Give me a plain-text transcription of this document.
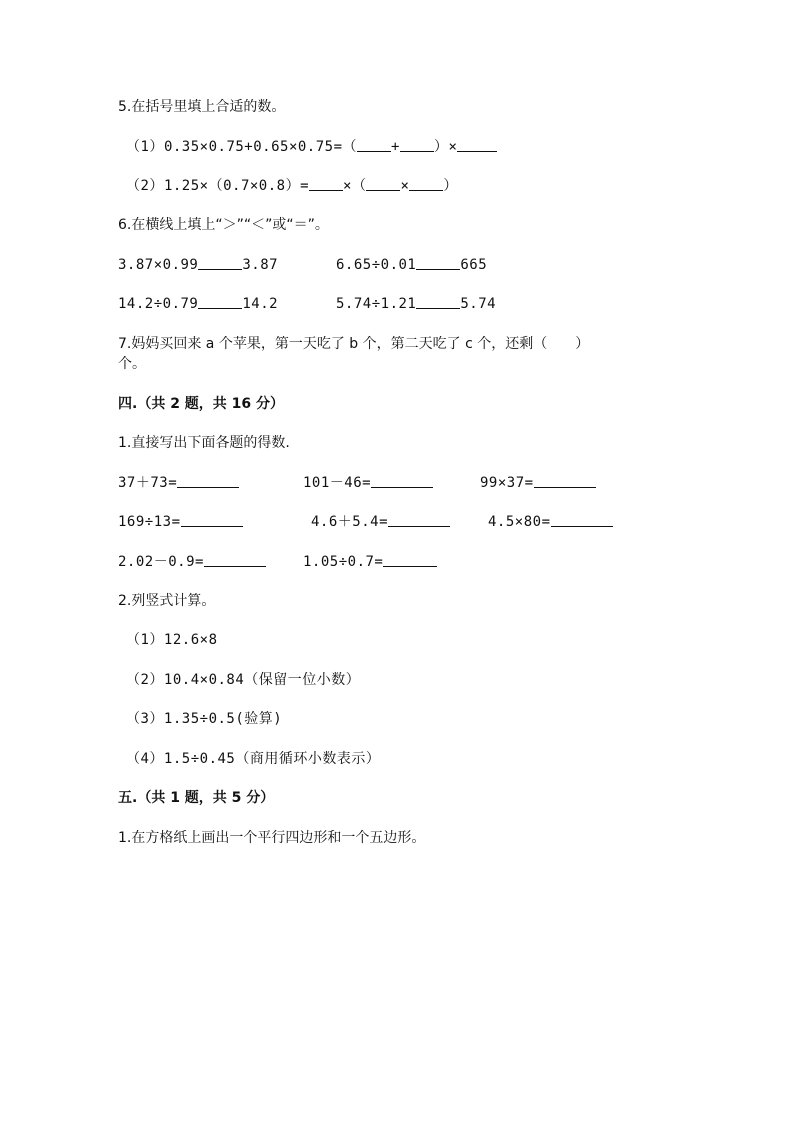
5.在括号里填上合适的数。
（1）0.35×0.75+0.65×0.75=（ + ）×
（2）1.25×（0.7×0.8）= ×（ × ）
6.在横线上填上“＞”“＜”或“＝”。
3.87×0.99	3.87	6.65÷0.01	665
14.2÷0.79	14.2	5.74÷1.21	5.74
7.妈妈买回来 a 个苹果，第一天吃了 b 个，第二天吃了 c 个，还剩（　　）
个。
四.（共 2 题，共 16 分）
1.直接写出下面各题的得数.
37＋73=	101－46=	99×37=
169÷13=	4.6＋5.4=	4.5×80=
2.02－0.9=	1.05÷0.7=
2.列竖式计算。
（1）12.6×8
（2）10.4×0.84（保留一位小数）
（3）1.35÷0.5(验算)
（4）1.5÷0.45（商用循环小数表示）
五.（共 1 题，共 5 分）
1.在方格纸上画出一个平行四边形和一个五边形。
